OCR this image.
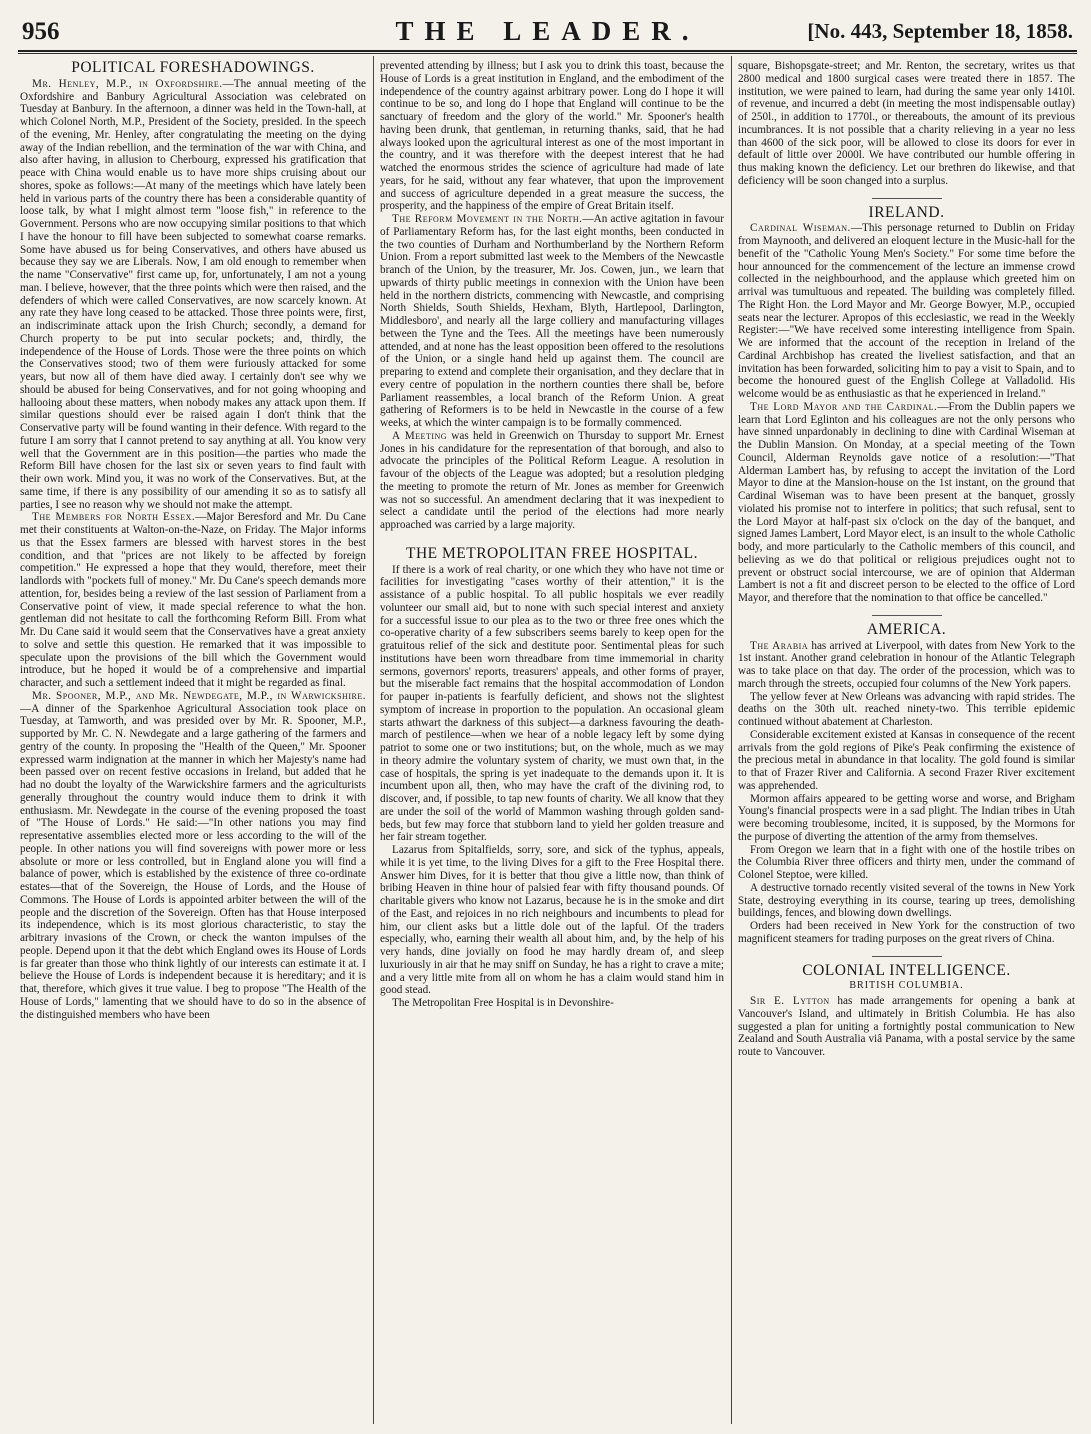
956	THE LEADER.	[No. 443, September 18, 1858.
POLITICAL FORESHADOWINGS.

Mr. Henley, M.P., in Oxfordshire.—The annual meeting of the Oxfordshire and Banbury Agricultural Association was celebrated on Tuesday at Banbury. In the afternoon, a dinner was held in the Town-hall, at which Colonel North, M.P., President of the Society, presided. In the speech of the evening, Mr. Henley, after congratulating the meeting on the dying away of the Indian rebellion, and the termination of the war with China, and also after having, in allusion to Cherbourg, expressed his gratification that peace with China would enable us to have more ships cruising about our shores, spoke as follows:—At many of the meetings which have lately been held in various parts of the country there has been a considerable quantity of loose talk, by what I might almost term "loose fish," in reference to the Government. Persons who are now occupying similar positions to that which I have the honour to fill have been subjected to somewhat coarse remarks. Some have abused us for being Conservatives, and others have abused us because they say we are Liberals. Now, I am old enough to remember when the name "Conservative" first came up, for, unfortunately, I am not a young man. I believe, however, that the three points which were then raised, and the defenders of which were called Conservatives, are now scarcely known. At any rate they have long ceased to be attacked. Those three points were, first, an indiscriminate attack upon the Irish Church; secondly, a demand for Church property to be put into secular pockets; and, thirdly, the independence of the House of Lords. Those were the three points on which the Conservatives stood; two of them were furiously attacked for some years, but now all of them have died away. I certainly don't see why we should be abused for being Conservatives, and for not going whooping and hallooing about these matters, when nobody makes any attack upon them. If similar questions should ever be raised again I don't think that the Conservative party will be found wanting in their defence. With regard to the future I am sorry that I cannot pretend to say anything at all. You know very well that the Government are in this position—the parties who made the Reform Bill have chosen for the last six or seven years to find fault with their own work. Mind you, it was no work of the Conservatives. But, at the same time, if there is any possibility of our amending it so as to satisfy all parties, I see no reason why we should not make the attempt.

The Members for North Essex.—Major Beresford and Mr. Du Cane met their constituents at Walton-on-the-Naze, on Friday. The Major informs us that the Essex farmers are blessed with harvest stores in the best condition, and that "prices are not likely to be affected by foreign competition." He expressed a hope that they would, therefore, meet their landlords with "pockets full of money." Mr. Du Cane's speech demands more attention, for, besides being a review of the last session of Parliament from a Conservative point of view, it made special reference to what the hon. gentleman did not hesitate to call the forthcoming Reform Bill. From what Mr. Du Cane said it would seem that the Conservatives have a great anxiety to solve and settle this question. He remarked that it was impossible to speculate upon the provisions of the bill which the Government would introduce, but he hoped it would be of a comprehensive and impartial character, and such a settlement indeed that it might be regarded as final.

Mr. Spooner, M.P., and Mr. Newdegate, M.P., in Warwickshire.—A dinner of the Sparkenhoe Agricultural Association took place on Tuesday, at Tamworth, and was presided over by Mr. R. Spooner, M.P., supported by Mr. C. N. Newdegate and a large gathering of the farmers and gentry of the county. In proposing the "Health of the Queen," Mr. Spooner expressed warm indignation at the manner in which her Majesty's name had been passed over on recent festive occasions in Ireland, but added that he had no doubt the loyalty of the Warwickshire farmers and the agriculturists generally throughout the country would induce them to drink it with enthusiasm. Mr. Newdegate in the course of the evening proposed the toast of "The House of Lords." He said:—"In other nations you may find representative assemblies elected more or less according to the will of the people. In other nations you will find sovereigns with power more or less absolute or more or less controlled, but in England alone you will find a balance of power, which is established by the existence of three co-ordinate estates—that of the Sovereign, the House of Lords, and the House of Commons. The House of Lords is appointed arbiter between the will of the people and the discretion of the Sovereign. Often has that House interposed its independence, which is its most glorious characteristic, to stay the arbitrary invasions of the Crown, or check the wanton impulses of the people. Depend upon it that the debt which England owes its House of Lords is far greater than those who think lightly of our interests can estimate it at. I believe the House of Lords is independent because it is hereditary; and it is that, therefore, which gives it true value. I beg to propose "The Health of the House of Lords," lamenting that we should have to do so in the absence of the distinguished members who have been

prevented attending by illness; but I ask you to drink this toast, because the House of Lords is a great institution in England, and the embodiment of the independence of the country against arbitrary power. Long do I hope it will continue to be so, and long do I hope that England will continue to be the sanctuary of freedom and the glory of the world." Mr. Spooner's health having been drunk, that gentleman, in returning thanks, said, that he had always looked upon the agricultural interest as one of the most important in the country, and it was therefore with the deepest interest that he had watched the enormous strides the science of agriculture had made of late years, for he said, without any fear whatever, that upon the improvement and success of agriculture depended in a great measure the success, the prosperity, and the happiness of the empire of Great Britain itself.

The Reform Movement in the North.—An active agitation in favour of Parliamentary Reform has, for the last eight months, been conducted in the two counties of Durham and Northumberland by the Northern Reform Union. From a report submitted last week to the Members of the Newcastle branch of the Union, by the treasurer, Mr. Jos. Cowen, jun., we learn that upwards of thirty public meetings in connexion with the Union have been held in the northern districts, commencing with Newcastle, and comprising North Shields, South Shields, Hexham, Blyth, Hartlepool, Darlington, Middlesboro', and nearly all the large colliery and manufacturing villages between the Tyne and the Tees. All the meetings have been numerously attended, and at none has the least opposition been offered to the resolutions of the Union, or a single hand held up against them. The council are preparing to extend and complete their organisation, and they declare that in every centre of population in the northern counties there shall be, before Parliament reassembles, a local branch of the Reform Union. A great gathering of Reformers is to be held in Newcastle in the course of a few weeks, at which the winter campaign is to be formally commenced.

A Meeting was held in Greenwich on Thursday to support Mr. Ernest Jones in his candidature for the representation of that borough, and also to advocate the principles of the Political Reform League. A resolution in favour of the objects of the League was adopted; but a resolution pledging the meeting to promote the return of Mr. Jones as member for Greenwich was not so successful. An amendment declaring that it was inexpedient to select a candidate until the period of the elections had more nearly approached was carried by a large majority.

THE METROPOLITAN FREE HOSPITAL.

If there is a work of real charity, or one which they who have not time or facilities for investigating "cases worthy of their attention," it is the assistance of a public hospital. To all public hospitals we ever readily volunteer our small aid, but to none with such special interest and anxiety for a successful issue to our plea as to the two or three free ones which the co-operative charity of a few subscribers seems barely to keep open for the gratuitous relief of the sick and destitute poor. Sentimental pleas for such institutions have been worn threadbare from time immemorial in charity sermons, governors' reports, treasurers' appeals, and other forms of prayer, but the miserable fact remains that the hospital accommodation of London for pauper in-patients is fearfully deficient, and shows not the slightest symptom of increase in proportion to the population. An occasional gleam starts athwart the darkness of this subject—a darkness favouring the death-march of pestilence—when we hear of a noble legacy left by some dying patriot to some one or two institutions; but, on the whole, much as we may in theory admire the voluntary system of charity, we must own that, in the case of hospitals, the spring is yet inadequate to the demands upon it. It is incumbent upon all, then, who may have the craft of the divining rod, to discover, and, if possible, to tap new founts of charity. We all know that they are under the soil of the world of Mammon washing through golden sand-beds, but few may force that stubborn land to yield her golden treasure and her fair stream together.

Lazarus from Spitalfields, sorry, sore, and sick of the typhus, appeals, while it is yet time, to the living Dives for a gift to the Free Hospital there. Answer him Dives, for it is better that thou give a little now, than think of bribing Heaven in thine hour of palsied fear with fifty thousand pounds. Of charitable givers who know not Lazarus, because he is in the smoke and dirt of the East, and rejoices in no rich neighbours and incumbents to plead for him, our client asks but a little dole out of the lapful. Of the traders especially, who, earning their wealth all about him, and, by the help of his very hands, dine jovially on food he may hardly dream of, and sleep luxuriously in air that he may sniff on Sunday, he has a right to crave a mite; and a very little mite from all on whom he has a claim would stand him in good stead.

The Metropolitan Free Hospital is in Devonshire-

square, Bishopsgate-street; and Mr. Renton, the secretary, writes us that 2800 medical and 1800 surgical cases were treated there in 1857. The institution, we were pained to learn, had during the same year only 1410l. of revenue, and incurred a debt (in meeting the most indispensable outlay) of 250l., in addition to 1770l., or thereabouts, the amount of its previous incumbrances. It is not possible that a charity relieving in a year no less than 4600 of the sick poor, will be allowed to close its doors for ever in default of little over 2000l. We have contributed our humble offering in thus making known the deficiency. Let our brethren do likewise, and that deficiency will be soon changed into a surplus.

IRELAND.

Cardinal Wiseman.—This personage returned to Dublin on Friday from Maynooth, and delivered an eloquent lecture in the Music-hall for the benefit of the "Catholic Young Men's Society." For some time before the hour announced for the commencement of the lecture an immense crowd collected in the neighbourhood, and the applause which greeted him on arrival was tumultuous and repeated. The building was completely filled. The Right Hon. the Lord Mayor and Mr. George Bowyer, M.P., occupied seats near the lecturer. Apropos of this ecclesiastic, we read in the Weekly Register:—"We have received some interesting intelligence from Spain. We are informed that the account of the reception in Ireland of the Cardinal Archbishop has created the liveliest satisfaction, and that an invitation has been forwarded, soliciting him to pay a visit to Spain, and to become the honoured guest of the English College at Valladolid. His welcome would be as enthusiastic as that he experienced in Ireland."

The Lord Mayor and the Cardinal.—From the Dublin papers we learn that Lord Eglinton and his colleagues are not the only persons who have sinned unpardonably in declining to dine with Cardinal Wiseman at the Dublin Mansion. On Monday, at a special meeting of the Town Council, Alderman Reynolds gave notice of a resolution:—"That Alderman Lambert has, by refusing to accept the invitation of the Lord Mayor to dine at the Mansion-house on the 1st instant, on the ground that Cardinal Wiseman was to have been present at the banquet, grossly violated his promise not to interfere in politics; that such refusal, sent to the Lord Mayor at half-past six o'clock on the day of the banquet, and signed James Lambert, Lord Mayor elect, is an insult to the whole Catholic body, and more particularly to the Catholic members of this council, and believing as we do that political or religious prejudices ought not to prevent or obstruct social intercourse, we are of opinion that Alderman Lambert is not a fit and discreet person to be elected to the office of Lord Mayor, and therefore that the nomination to that office be cancelled."

AMERICA.

The Arabia has arrived at Liverpool, with dates from New York to the 1st instant. Another grand celebration in honour of the Atlantic Telegraph was to take place on that day. The order of the procession, which was to march through the streets, occupied four columns of the New York papers.

The yellow fever at New Orleans was advancing with rapid strides. The deaths on the 30th ult. reached ninety-two. This terrible epidemic continued without abatement at Charleston.

Considerable excitement existed at Kansas in consequence of the recent arrivals from the gold regions of Pike's Peak confirming the existence of the precious metal in abundance in that locality. The gold found is similar to that of Frazer River and California. A second Frazer River excitement was apprehended.

Mormon affairs appeared to be getting worse and worse, and Brigham Young's financial prospects were in a sad plight. The Indian tribes in Utah were becoming troublesome, incited, it is supposed, by the Mormons for the purpose of diverting the attention of the army from themselves.

From Oregon we learn that in a fight with one of the hostile tribes on the Columbia River three officers and thirty men, under the command of Colonel Steptoe, were killed.

A destructive tornado recently visited several of the towns in New York State, destroying everything in its course, tearing up trees, demolishing buildings, fences, and blowing down dwellings.

Orders had been received in New York for the construction of two magnificent steamers for trading purposes on the great rivers of China.

COLONIAL INTELLIGENCE.
BRITISH COLUMBIA.

Sir E. Lytton has made arrangements for opening a bank at Vancouver's Island, and ultimately in British Columbia. He has also suggested a plan for uniting a fortnightly postal communication to New Zealand and South Australia viâ Panama, with a postal service by the same route to Vancouver.
